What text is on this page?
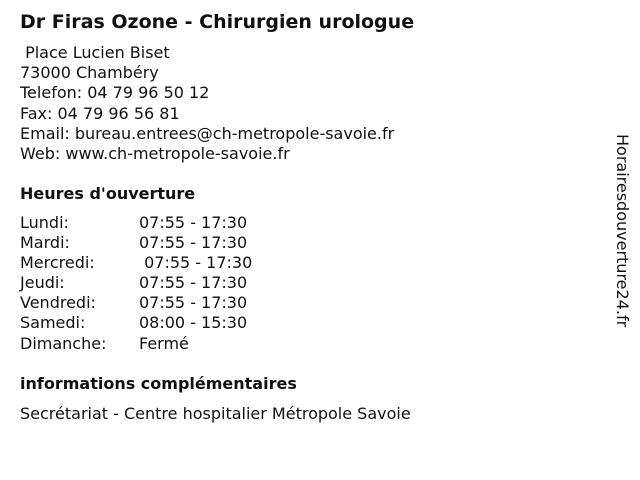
Dr Firas Ozone - Chirurgien urologue
Place Lucien Biset
73000 Chambéry
Telefon: 04 79 96 50 12
Fax: 04 79 96 56 81
Email: bureau.entrees@ch-metropole-savoie.fr
Web: www.ch-metropole-savoie.fr
Heures d'ouverture
Lundi:	07:55 - 17:30
Mardi:	07:55 - 17:30
Mercredi:	07:55 - 17:30
Jeudi:	07:55 - 17:30
Vendredi:	07:55 - 17:30
Samedi:	08:00 - 15:30
Dimanche:	Fermé
informations complémentaires
Secrétariat - Centre hospitalier Métropole Savoie
Horairesdouverture24.fr
